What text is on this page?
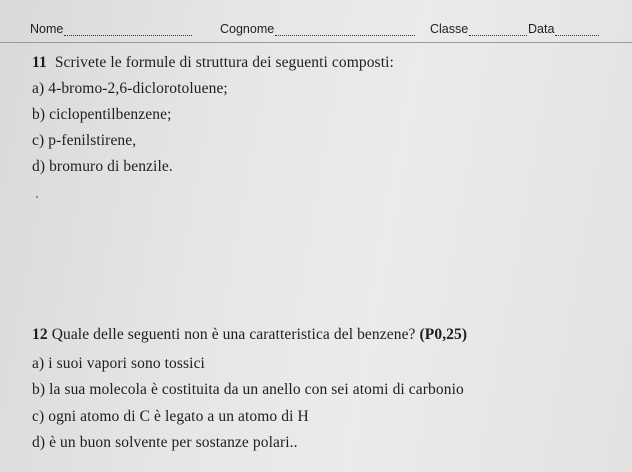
Nome	Cognome	Classe	Data
11 Scrivete le formule di struttura dei seguenti composti:
a) 4-bromo-2,6-diclorotoluene;
b) ciclopentilbenzene;
c) p-fenilstirene,
d) bromuro di benzile.
12 Quale delle seguenti non è una caratteristica del benzene? (P0,25)
a) i suoi vapori sono tossici
b) la sua molecola è costituita da un anello con sei atomi di carbonio
c) ogni atomo di C è legato a un atomo di H
d) è un buon solvente per sostanze polari..
